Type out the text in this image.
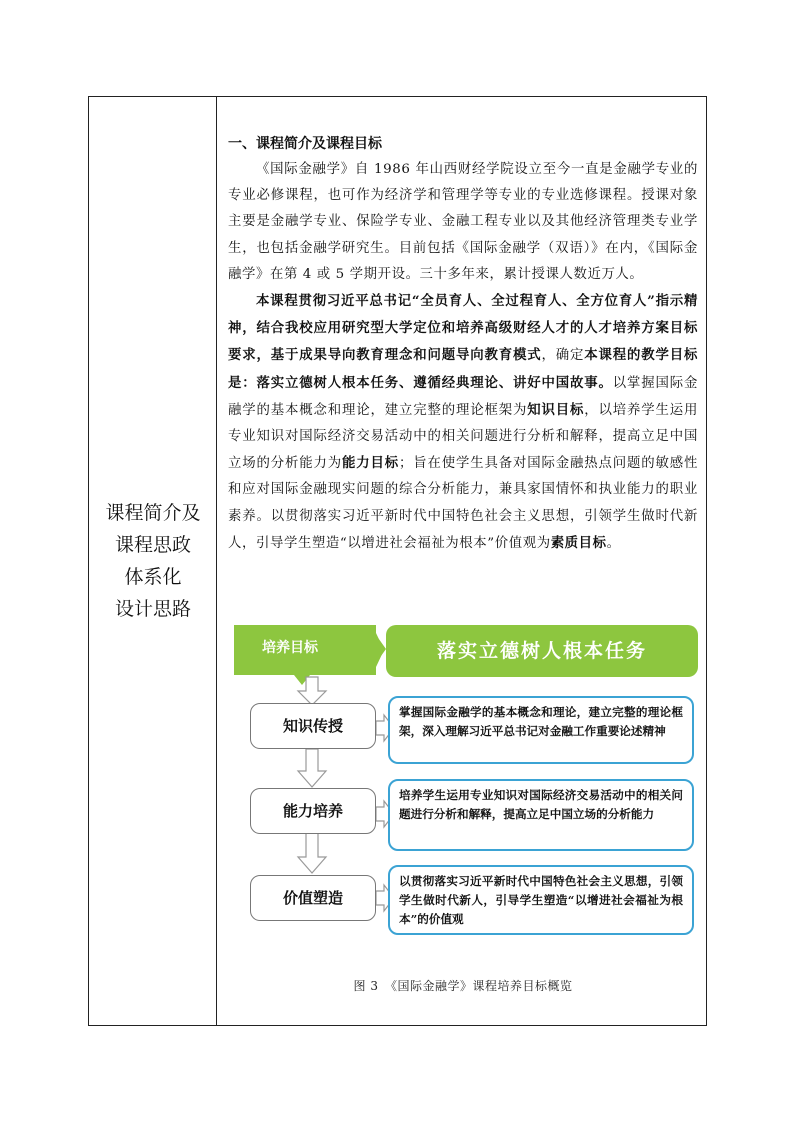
课程简介及
课程思政
体系化
设计思路

一、课程简介及课程目标

《国际金融学》自 1986 年山西财经学院设立至今一直是金融学专业的专业必修课程，也可作为经济学和管理学等专业的专业选修课程。授课对象主要是金融学专业、保险学专业、金融工程专业以及其他经济管理类专业学生，也包括金融学研究生。目前包括《国际金融学（双语）》在内，《国际金融学》在第 4 或 5 学期开设。三十多年来，累计授课人数近万人。

本课程贯彻习近平总书记“全员育人、全过程育人、全方位育人”指示精神，结合我校应用研究型大学定位和培养高级财经人才的人才培养方案目标要求，基于成果导向教育理念和问题导向教育模式，确定本课程的教学目标是：落实立德树人根本任务、遵循经典理论、讲好中国故事。以掌握国际金融学的基本概念和理论，建立完整的理论框架为知识目标，以培养学生运用专业知识对国际经济交易活动中的相关问题进行分析和解释，提高立足中国立场的分析能力为能力目标；旨在使学生具备对国际金融热点问题的敏感性和应对国际金融现实问题的综合分析能力，兼具家国情怀和执业能力的职业素养。以贯彻落实习近平新时代中国特色社会主义思想，引领学生做时代新人，引导学生塑造“以增进社会福祉为根本”价值观为素质目标。

培养目标	落实立德树人根本任务
知识传授
掌握国际金融学的基本概念和理论，建立完整的理论框架，深入理解习近平总书记对金融工作重要论述精神
能力培养
培养学生运用专业知识对国际经济交易活动中的相关问题进行分析和解释，提高立足中国立场的分析能力
价值塑造
以贯彻落实习近平新时代中国特色社会主义思想，引领学生做时代新人，引导学生塑造“以增进社会福祉为根本”的价值观
图 3　《国际金融学》课程培养目标概览
